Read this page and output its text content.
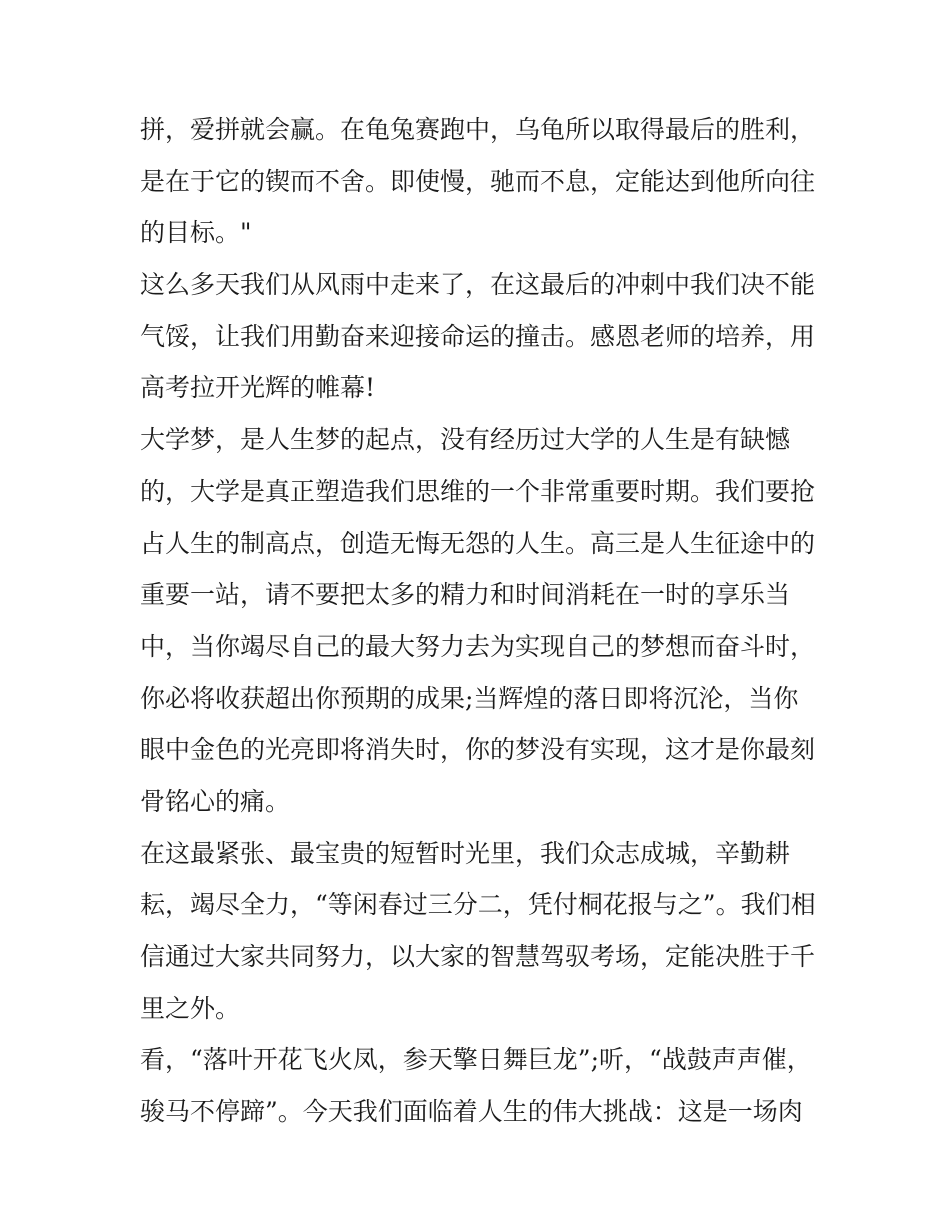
拼，爱拼就会赢。在龟兔赛跑中，乌龟所以取得最后的胜利，
是在于它的锲而不舍。即使慢，驰而不息，定能达到他所向往
的目标。"
这么多天我们从风雨中走来了，在这最后的冲刺中我们决不能
气馁，让我们用勤奋来迎接命运的撞击。感恩老师的培养，用
高考拉开光辉的帷幕!
大学梦，是人生梦的起点，没有经历过大学的人生是有缺憾
的，大学是真正塑造我们思维的一个非常重要时期。我们要抢
占人生的制高点，创造无悔无怨的人生。高三是人生征途中的
重要一站，请不要把太多的精力和时间消耗在一时的享乐当
中，当你竭尽自己的最大努力去为实现自己的梦想而奋斗时，
你必将收获超出你预期的成果;当辉煌的落日即将沉沦，当你
眼中金色的光亮即将消失时，你的梦没有实现，这才是你最刻
骨铭心的痛。
在这最紧张、最宝贵的短暂时光里，我们众志成城，辛勤耕
耘，竭尽全力，“等闲春过三分二，凭付桐花报与之”。我们相
信通过大家共同努力，以大家的智慧驾驭考场，定能决胜于千
里之外。
看，“落叶开花飞火凤，参天擎日舞巨龙”;听，“战鼓声声催，
骏马不停蹄”。今天我们面临着人生的伟大挑战：这是一场肉
